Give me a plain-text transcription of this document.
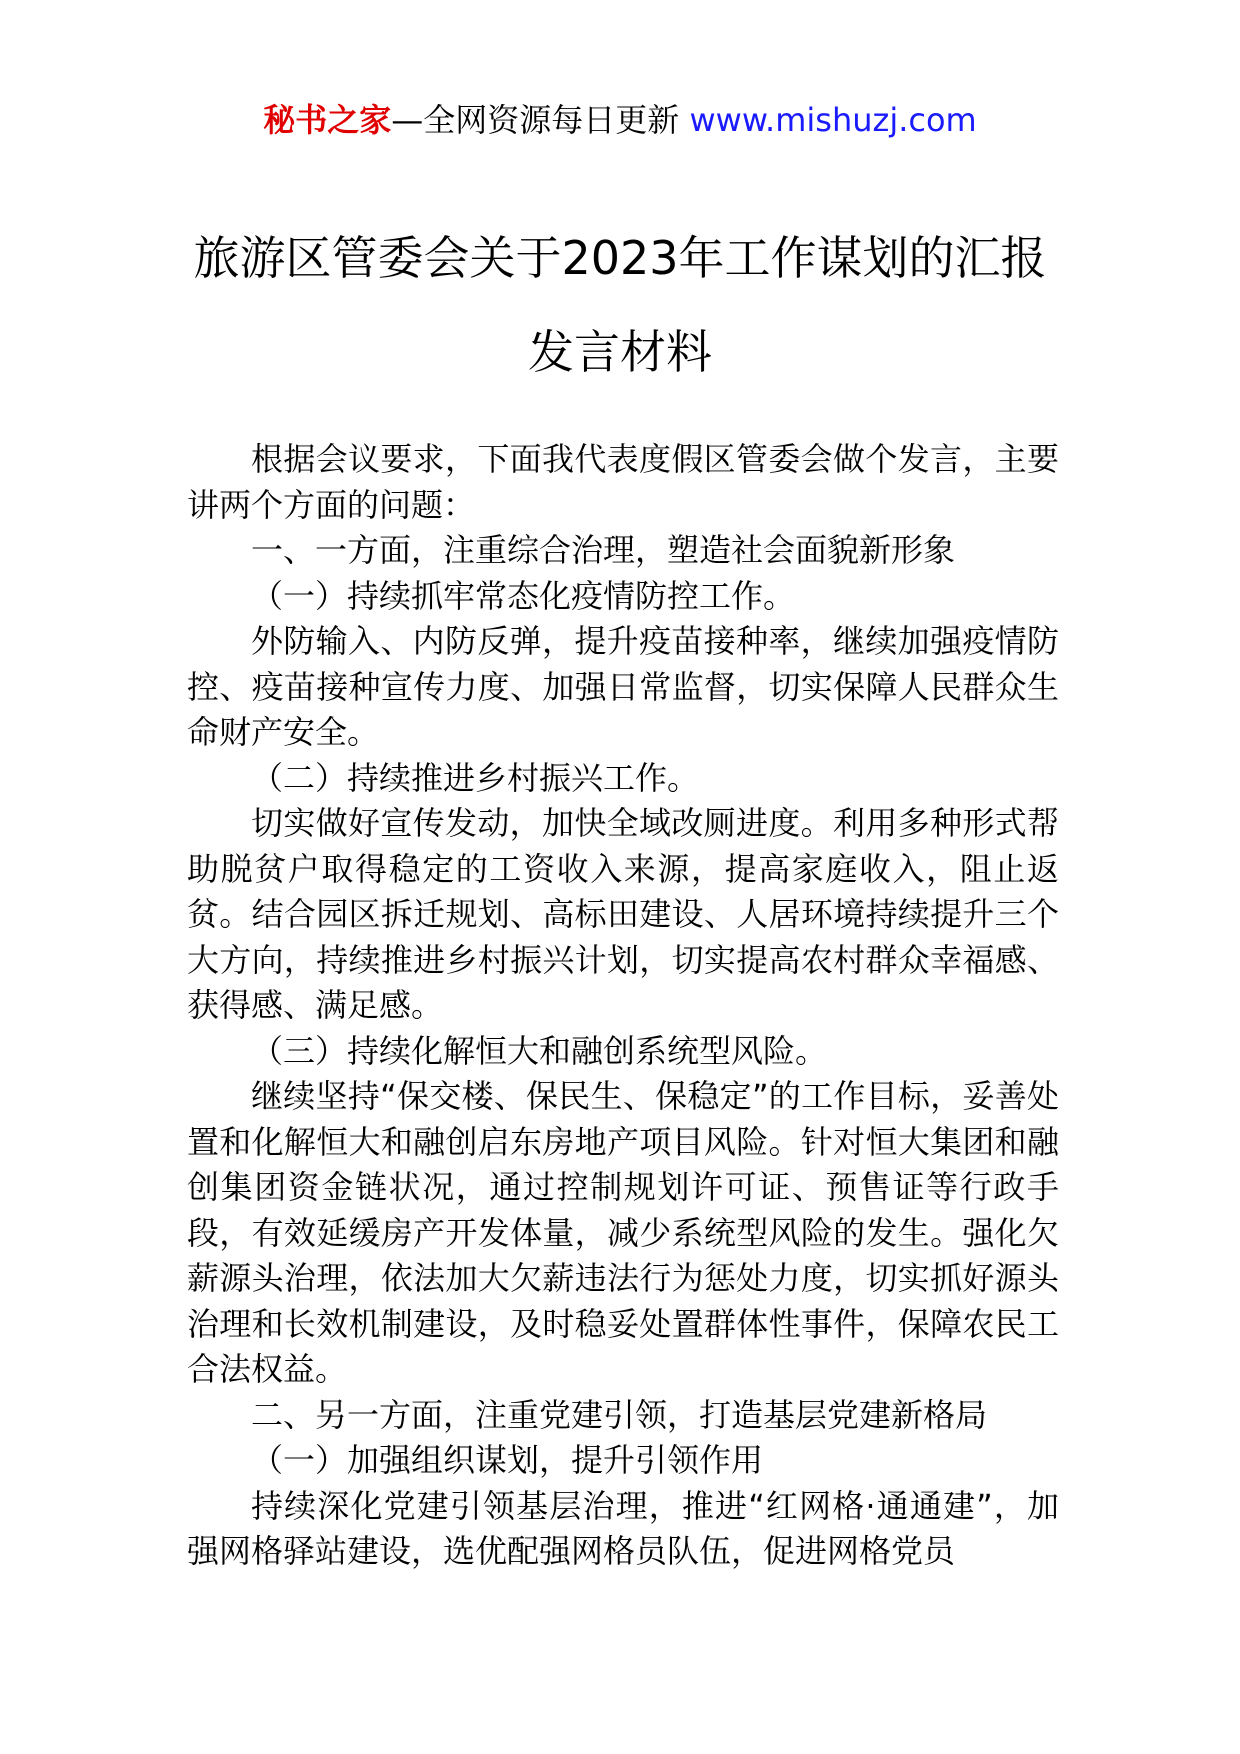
秘书之家—全网资源每日更新 www.mishuzj.com
旅游区管委会关于2023年工作谋划的汇报
发言材料

根据会议要求，下面我代表度假区管委会做个发言，主要讲两个方面的问题：

一、一方面，注重综合治理，塑造社会面貌新形象

（一）持续抓牢常态化疫情防控工作。

外防输入、内防反弹，提升疫苗接种率，继续加强疫情防控、疫苗接种宣传力度、加强日常监督，切实保障人民群众生命财产安全。

（二）持续推进乡村振兴工作。

切实做好宣传发动，加快全域改厕进度。利用多种形式帮助脱贫户取得稳定的工资收入来源，提高家庭收入，阻止返贫。结合园区拆迁规划、高标田建设、人居环境持续提升三个大方向，持续推进乡村振兴计划，切实提高农村群众幸福感、获得感、满足感。

（三）持续化解恒大和融创系统型风险。

继续坚持“保交楼、保民生、保稳定”的工作目标，妥善处置和化解恒大和融创启东房地产项目风险。针对恒大集团和融创集团资金链状况，通过控制规划许可证、预售证等行政手段，有效延缓房产开发体量，减少系统型风险的发生。强化欠薪源头治理，依法加大欠薪违法行为惩处力度，切实抓好源头治理和长效机制建设，及时稳妥处置群体性事件，保障农民工合法权益。

二、另一方面，注重党建引领，打造基层党建新格局

（一）加强组织谋划，提升引领作用

持续深化党建引领基层治理，推进“红网格·通通建”，加强网格驿站建设，选优配强网格员队伍，促进网格党员
